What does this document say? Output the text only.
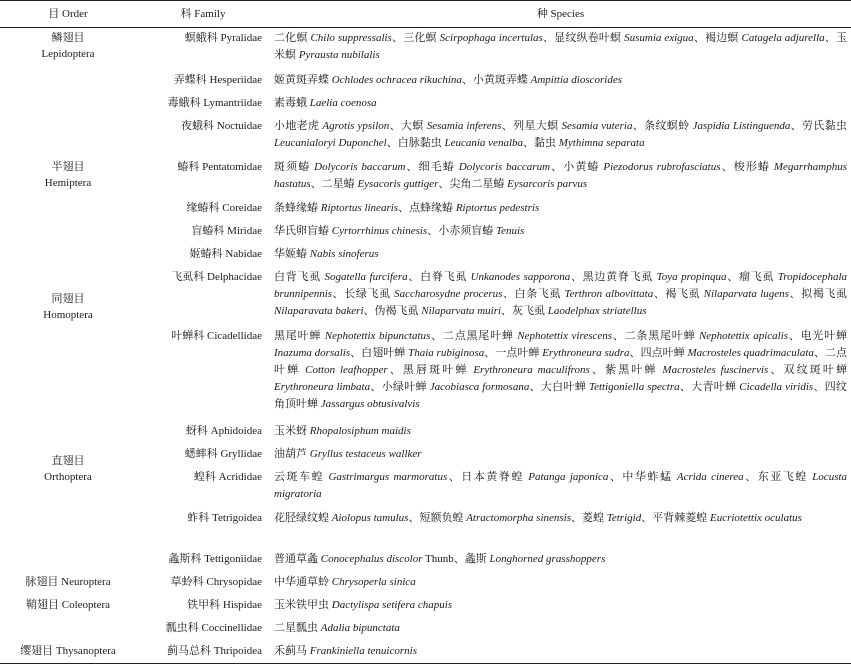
目 Order	科 Family	种 Species

鳞翅目
Lepidoptera	螟蛾科 Pyralidae	二化螟 Chilo suppressalis、三化螟 Scirpophaga incertulas、显纹纵卷叶螟 Susumia exigua、褐边螟 Catagela adjurella、玉米螟 Pyrausta nubilalis
	弄蝶科 Hesperiidae	姬黄斑弄蝶 Ochlodes ochracea rikuchina、小黄斑弄蝶 Ampittia dioscorides
	毒蛾科 Lymantriidae	素毒蛾 Laelia coenosa
	夜蛾科 Noctuidae	小地老虎 Agrotis ypsilon、大螟 Sesamia inferens、列星大螟 Sesamia vuteria、条纹螟蛉 Jaspidia Listinguenda、劳氏黏虫 Leucanialoryi Duponchel、白脉黏虫 Leucania venalba、黏虫 Mythimna separata

半翅目
Hemiptera	蝽科 Pentatomidae	斑须蝽 Dolycoris baccarum、细毛蝽 Dolycoris baccarum、小黄蝽 Piezodorus rubrofasciatus、梭形蝽 Megarrhamphus hastatus、二星蝽 Eysacoris guttiger、尖角二星蝽 Eysarcoris parvus
	缘蝽科 Coreidae	条蜂缘蝽 Riptortus linearis、点蜂缘蝽 Riptortus pedestris
	盲蝽科 Miridae	华氏卵盲蝽 Cyrtorrhinus chinesis、小赤须盲蝽 Tenuis
	姬蝽科 Nabidae	华姬蝽 Nabis sinoferus

同翅目
Homoptera	飞虱科 Delphacidae	白背飞虱 Sogatella furcifera、白脊飞虱 Unkanodes sapporona、黑边黄脊飞虱 Toya propinqua、瘤飞虱 Tropidocephala brunnipennis、长绿飞虱 Saccharosydne procerus、白条飞虱 Terthron albovittata、褐飞虱 Nilaparvata lugens、拟褐飞虱 Nilaparavata bakeri、伪褐飞虱 Nilaparvata muiri、灰飞虱 Laodelphax striatellus
	叶蝉科 Cicadellidae	黑尾叶蝉 Nephotettix bipunctatus、二点黑尾叶蝉 Nephotettix virescens、二条黑尾叶蝉 Nephotettix apicalis、电光叶蝉 Inazuma dorsalis、白翅叶蝉 Thaia rubiginosa、一点叶蝉 Erythroneura sudra、四点叶蝉 Macrosteles quadrimaculata、二点叶蝉 Cotton leafhopper、黑唇斑叶蝉 Erythroneura maculifrons、紫黑叶蝉 Macrosteles fuscinervis、双纹斑叶蝉 Erythroneura limbata、小绿叶蝉 Jacobiasca formosana、大白叶蝉 Tettigoniella spectra、大青叶蝉 Cicadella viridis、四纹角顶叶蝉 Jassargus obtusivalvis
	蚜科 Aphidoidea	玉米蚜 Rhopalosiphum maidis

直翅目
Orthoptera	蟋蟀科 Gryllidae	油葫芦 Gryllus testaceus wallker
	蝗科 Acrididae	云斑车蝗 Gastrimargus marmoratus、日本黄脊蝗 Patanga japonica、中华蚱蜢 Acrida cinerea、东亚飞蝗 Locusta migratoria
	蚱科 Tetrigoidea	花胫绿纹蝗 Aiolopus tamulus、短额负蝗 Atractomorpha sinensis、菱蝗 Tetrigid、平背棘菱蝗 Eucriotettix oculatus
	螽斯科 Tettigoniidae	普通草螽 Conocephalus discolor Thunb、螽斯 Longhorned grasshoppers

脉翅目 Neuroptera	草蛉科 Chrysopidae	中华通草蛉 Chrysoperla sinica

鞘翅目 Coleoptera	铁甲科 Hispidae	玉米铁甲虫 Dactylispa setifera chapuis
	瓢虫科 Coccinellidae	二星瓢虫 Adalia bipunctata

缨翅目 Thysanoptera	蓟马总科 Thripoidea	禾蓟马 Frankiniella tenuicornis
